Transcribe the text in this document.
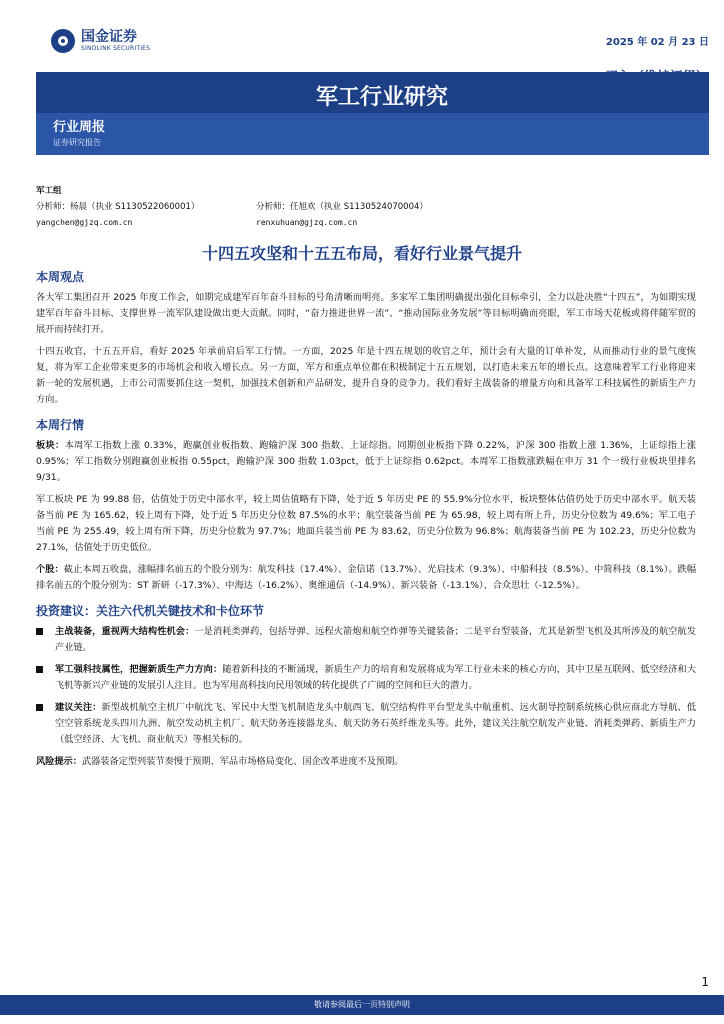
国金证券
SINOLINK SECURITIES
2025 年 02 月 23 日
军工行业研究
买入（维持评级）
行业周报
证券研究报告
军工组
分析师：杨晨（执业 S1130522060001）	分析师：任旭欢（执业 S1130524070004）
yangchen@gjzq.com.cn	renxuhuan@gjzq.com.cn
十四五攻坚和十五五布局，看好行业景气提升
本周观点

各大军工集团召开 2025 年度工作会，如期完成建军百年奋斗目标的号角清晰而明亮。多家军工集团明确提出强化目标牵引，全力以赴决胜“十四五”，为如期实现建军百年奋斗目标、支撑世界一流军队建设做出更大贡献。同时，“奋力推进世界一流”、“推动国际业务发展”等目标明确而亮眼，军工市场天花板或将伴随军贸的展开而持续打开。

十四五收官，十五五开启，看好 2025 年承前启后军工行情。一方面，2025 年是十四五规划的收官之年，预计会有大量的订单补发，从而推动行业的景气度恢复，将为军工企业带来更多的市场机会和收入增长点。另一方面，军方和重点单位都在积极制定十五五规划，以打造未来五年的增长点。这意味着军工行业将迎来新一轮的发展机遇，上市公司需要抓住这一契机，加强技术创新和产品研发，提升自身的竞争力。我们看好主战装备的增量方向和具备军工科技属性的新质生产力方向。

本周行情

板块：本周军工指数上涨 0.33%，跑赢创业板指数、跑输沪深 300 指数、上证综指。同期创业板指下降 0.22%，沪深 300 指数上涨 1.36%，上证综指上涨 0.95%；军工指数分别跑赢创业板指 0.55pct，跑输沪深 300 指数 1.03pct，低于上证综指 0.62pct。本周军工指数涨跌幅在申万 31 个一级行业板块里排名 9/31。

军工板块 PE 为 99.88 倍，估值处于历史中部水平，较上周估值略有下降，处于近 5 年历史 PE 的 55.9%分位水平，板块整体估值仍处于历史中部水平。航天装备当前 PE 为 165.62，较上周有下降，处于近 5 年历史分位数 87.5%的水平；航空装备当前 PE 为 65.98，较上周有所上升，历史分位数为 49.6%；军工电子当前 PE 为 255.49，较上周有所下降，历史分位数为 97.7%；地面兵装当前 PE 为 83.62，历史分位数为 96.8%；航海装备当前 PE 为 102.23，历史分位数为 27.1%，估值处于历史低位。

个股：截止本周五收盘，涨幅排名前五的个股分别为：航发科技（17.4%）、金信诺（13.7%）、光启技术（9.3%）、中船科技（8.5%）、中简科技（8.1%）。跌幅排名前五的个股分别为：ST 新研（-17.3%）、中海达（-16.2%）、奥维通信（-14.9%）、新兴装备（-13.1%）、合众思壮（-12.5%）。

投资建议：关注六代机关键技术和卡位环节
主战装备，重视两大结构性机会：一是消耗类弹药，包括导弹、远程火箭炮和航空炸弹等关键装备；二是平台型装备，尤其是新型飞机及其所涉及的航空航发产业链。
军工强科技属性，把握新质生产力方向：随着新科技的不断涌现，新质生产力的培育和发展将成为军工行业未来的核心方向，其中卫星互联网、低空经济和大飞机等新兴产业链的发展引人注目。也为军用高科技向民用领域的转化提供了广阔的空间和巨大的潜力。
建议关注：新型战机航空主机厂中航沈飞、军民中大型飞机制造龙头中航西飞、航空结构件平台型龙头中航重机、远火制导控制系统核心供应商北方导航、低空空管系统龙头四川九洲、航空发动机主机厂、航天防务连接器龙头、航天防务石英纤维龙头等。此外，建议关注航空航发产业链、消耗类弹药、新质生产力（低空经济、大飞机、商业航天）等相关标的。

风险提示：武器装备定型列装节奏慢于预期、军品市场格局变化、国企改革进度不及预期。

1
敬请参阅最后一页特别声明
